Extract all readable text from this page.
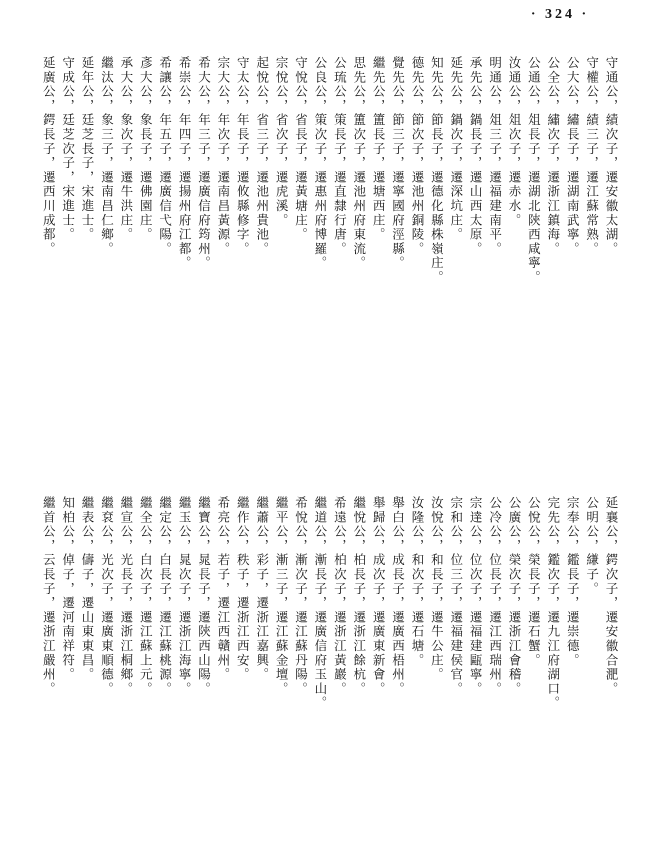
· 324 ·
守通公，績次子，遷安徽太湖。
守權公，績三子，遷江蘇常熟。
公大公，繡長子，遷湖南武寧。
公全公，繡次子，遷浙江鎮海。
公通公，俎長子，遷湖北陝西咸寧。
汝通公，俎次子，遷赤水。
明通公，俎三子，遷福建南平。
承先公，鍋長子，遷山西太原。
延先公，鍋次子，遷深坑庄。
知先公，節長子，遷德化縣株嶺庄。
德先公，節次子，遷池州銅陵。
覺先公，節三子，遷寧國府涇縣。
繼先公，簠長子，遷塘西庄。
思先公，簠次子，遷池州府東流。
公琉公，策長子，遷直隸行唐。
公良公，策次子，遷惠州府博羅。
守悅公，省長子，遷黃塘庄。
宗悅公，省次子，遷虎溪。
起悅公，省三子，遷池州貴池。
守太公，年長子，遷攸縣修字。
宗大公，年次子，遷南昌黃源。
希大公，年三子，遷廣信府筠州。
希崇公，年四子，遷揚州府江都。
希讓公，年五子，遷廣信弋陽。
彥大公，象長子，遷佛園庄。
承大公，象次子，遷牛洪庄。
繼汰公，象三子，遷南昌仁鄉。
延年公，廷芝長子，宋進士。
守成公，廷芝次子，宋進士。
延廣公，鍔長子，遷西川成都。
延襄公，鍔次子，遷安徽合淝。
公明公，縑子。
宗奉公，鑑長子，遷崇德。
完先公，鑑次子，遷九江府湖口。
公悅公，榮長子，遷石蟹。
公廣公，榮次子，遷浙江會稽。
公冷公，位長子，遷江西瑞州。
宗達公，位次子，遷福建甌寧。
宗和公，位三子，遷福建侯官。
汝悅公，和長子，遷牛公庄。
汝隆公，和次子，遷石塘。
舉白公，成長子，遷廣西梧州。
舉歸公，成次子，遷廣東新會。
繼悅公，柏長子，遷浙江餘杭。
希遠公，柏次子，遷浙江黃巖。
繼道公，漸長子，遷廣信府玉山。
希悅公，漸次子，遷江蘇丹陽。
繼平公，漸三子，遷江蘇金壇。
繼蕭公，彩子，遷浙江嘉興。
繼作公，秩子，遷浙江西安。
希亮公，若子，遷江西贛州。
繼寶公，晁長子，遷陝西山陽。
繼玉公，晁次子，遷浙江海寧。
繼定公，白長子，遷江蘇桃源。
繼全公，白次子，遷江蘇上元。
繼宣公，光長子，遷浙江桐鄉。
繼袞公，光次子，遷廣東順德。
繼表公，儔子，遷山東東昌。
知柏公，倬子，遷河南祥符。
繼首公，云長子，遷浙江嚴州。
